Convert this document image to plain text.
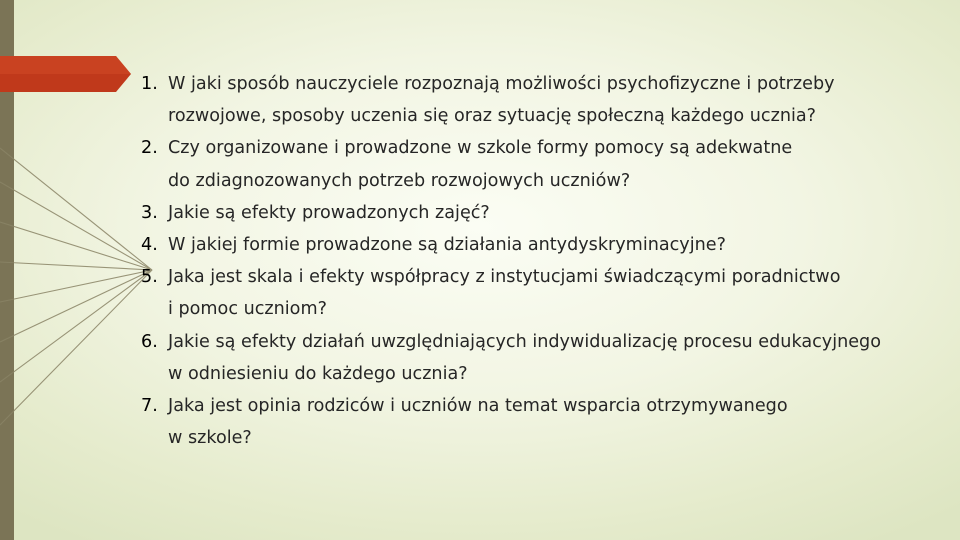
1. W jaki sposób nauczyciele rozpoznają możliwości psychofizyczne i potrzeby
rozwojowe, sposoby uczenia się oraz sytuację społeczną każdego ucznia?
2. Czy organizowane i prowadzone w szkole formy pomocy są adekwatne
do zdiagnozowanych potrzeb rozwojowych uczniów?
3. Jakie są efekty prowadzonych zajęć?
4. W jakiej formie prowadzone są działania antydyskryminacyjne?
5. Jaka jest skala i efekty współpracy z instytucjami świadczącymi poradnictwo
i pomoc uczniom?
6. Jakie są efekty działań uwzględniających indywidualizację procesu edukacyjnego
w odniesieniu do każdego ucznia?
7. Jaka jest opinia rodziców i uczniów na temat wsparcia otrzymywanego
w szkole?
